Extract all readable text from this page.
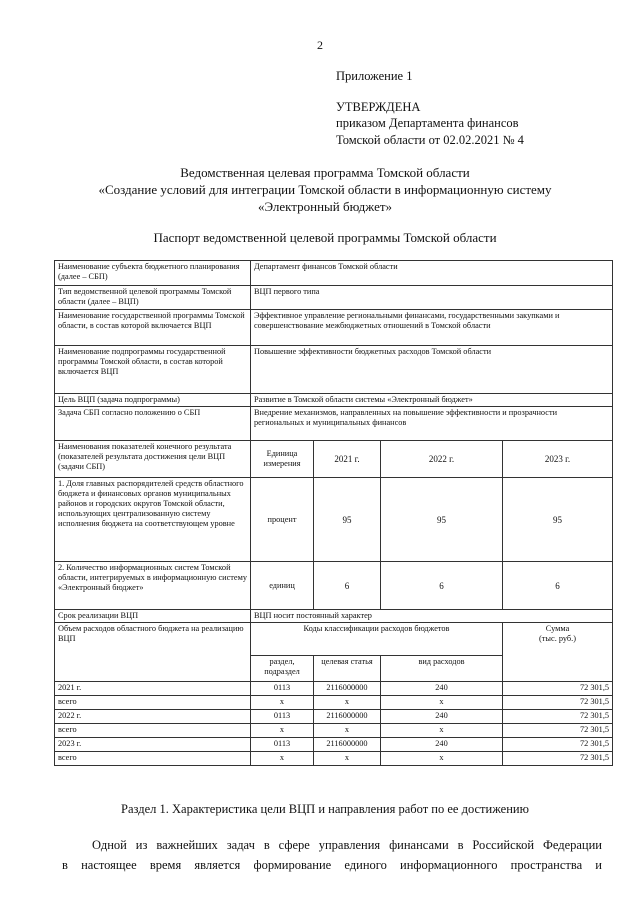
2
Приложение 1
УТВЕРЖДЕНА
приказом Департамента финансов
Томской области от 02.02.2021 № 4
Ведомственная целевая программа Томской области
«Создание условий для интеграции Томской области в информационную систему
«Электронный бюджет»
Паспорт ведомственной целевой программы Томской области
Наименование субъекта бюджетного планирования (далее – СБП)	Департамент финансов Томской области			
Тип ведомственной целевой программы Томской области (далее – ВЦП)	ВЦП первого типа			
Наименование государственной программы Томской области, в состав которой включается ВЦП	Эффективное управление региональными финансами, государственными закупками и совершенствование межбюджетных отношений в Томской области			
Наименование подпрограммы государственной программы Томской области, в состав которой включается ВЦП	Повышение эффективности бюджетных расходов Томской области			
Цель ВЦП (задача подпрограммы)	Развитие в Томской области системы «Электронный бюджет»			
Задача СБП согласно положению о СБП	Внедрение механизмов, направленных на повышение эффективности и прозрачности региональных и муниципальных финансов			
Наименования показателей конечного результата (показателей результата достижения цели ВЦП (задачи СБП)	Единица измерения	2021 г.	2022 г.	2023 г.
1. Доля главных распорядителей средств областного бюджета и финансовых органов муниципальных районов и городских округов Томской области, использующих централизованную систему исполнения бюджета на соответствующем уровне	процент	95	95	95
2. Количество информационных систем Томской области, интегрируемых в информационную систему «Электронный бюджет»	единиц	6	6	6
Срок реализации ВЦП	ВЦП носит постоянный характер			
Объем расходов областного бюджета на реализацию ВЦП	Коды классификации расходов бюджетов			Сумма
(тыс. руб.)
	раздел, подраздел	целевая статья	вид расходов	
2021 г.	0113	2116000000	240	72 301,5
всего	х	х	х	72 301,5
2022 г.	0113	2116000000	240	72 301,5
всего	х	х	х	72 301,5
2023 г.	0113	2116000000	240	72 301,5
всего	х	х	х	72 301,5
Раздел 1. Характеристика цели ВЦП и направления работ по ее достижению
Одной из важнейших задач в сфере управления финансами в Российской Федерации
в настоящее время является формирование единого информационного пространства и
